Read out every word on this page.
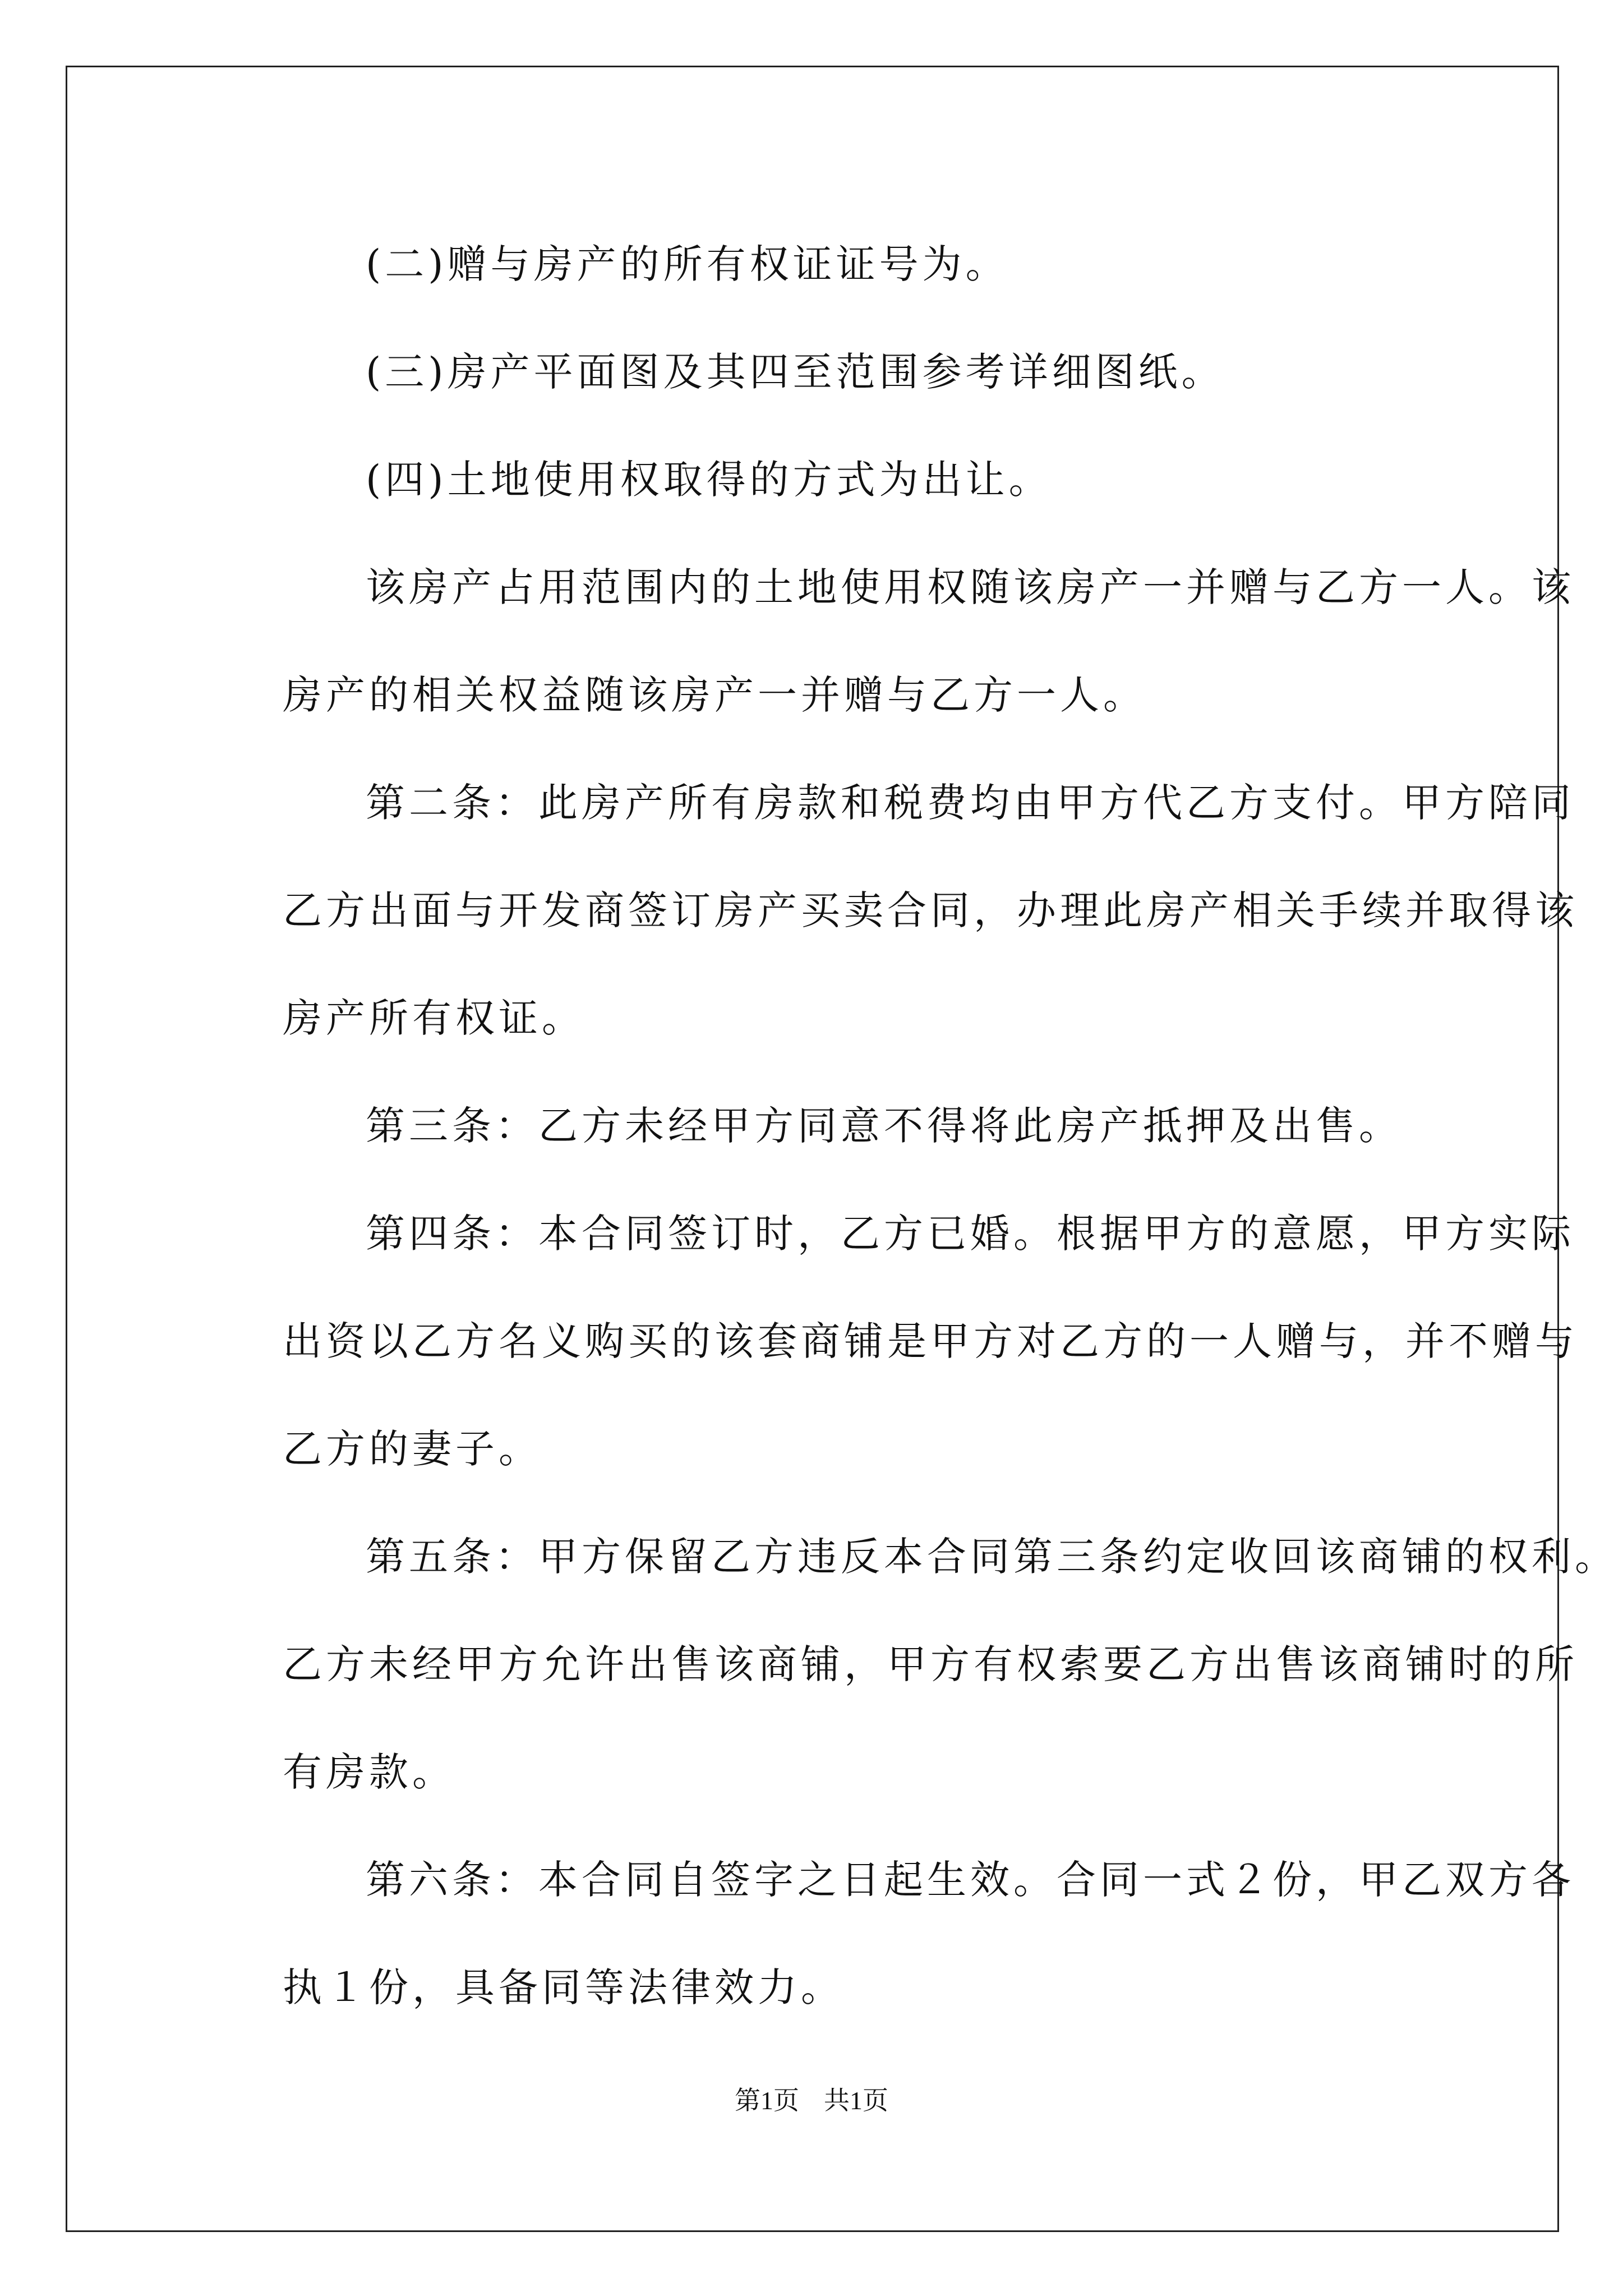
(二)赠与房产的所有权证证号为。
(三)房产平面图及其四至范围参考详细图纸。
(四)土地使用权取得的方式为出让。
该房产占用范围内的土地使用权随该房产一并赠与乙方一人。该
房产的相关权益随该房产一并赠与乙方一人。
第二条：此房产所有房款和税费均由甲方代乙方支付。甲方陪同
乙方出面与开发商签订房产买卖合同，办理此房产相关手续并取得该
房产所有权证。
第三条：乙方未经甲方同意不得将此房产抵押及出售。
第四条：本合同签订时，乙方已婚。根据甲方的意愿，甲方实际
出资以乙方名义购买的该套商铺是甲方对乙方的一人赠与，并不赠与
乙方的妻子。
第五条：甲方保留乙方违反本合同第三条约定收回该商铺的权利。
乙方未经甲方允许出售该商铺，甲方有权索要乙方出售该商铺时的所
有房款。
第六条：本合同自签字之日起生效。合同一式２份，甲乙双方各
执１份，具备同等法律效力。
第1页 共1页
